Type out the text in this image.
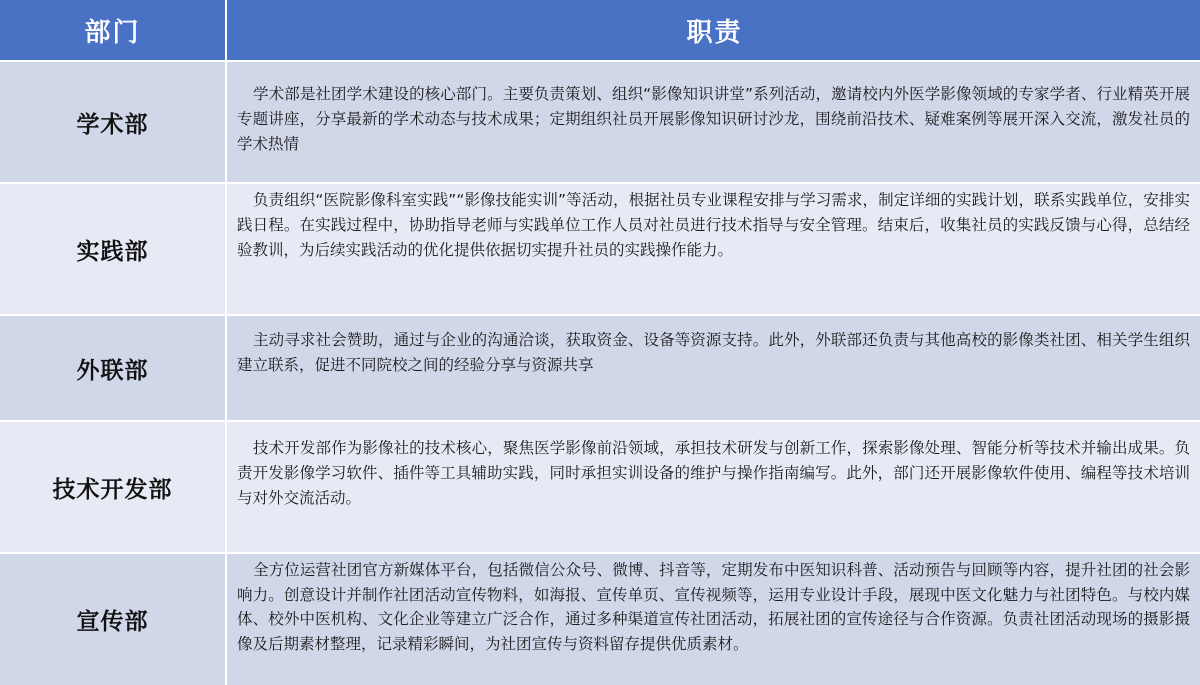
部门	职责
学术部
学术部是社团学术建设的核心部门。主要负责策划、组织“影像知识讲堂”系列活动，邀请校内外医学影像领域的专家学者、行业精英开展专题讲座，分享最新的学术动态与技术成果；定期组织社员开展影像知识研讨沙龙，围绕前沿技术、疑难案例等展开深入交流，激发社员的学术热情
实践部
负责组织“医院影像科室实践”“影像技能实训”等活动，根据社员专业课程安排与学习需求，制定详细的实践计划，联系实践单位，安排实践日程。在实践过程中，协助指导老师与实践单位工作人员对社员进行技术指导与安全管理。结束后，收集社员的实践反馈与心得，总结经验教训，为后续实践活动的优化提供依据切实提升社员的实践操作能力。
外联部
主动寻求社会赞助，通过与企业的沟通洽谈，获取资金、设备等资源支持。此外，外联部还负责与其他高校的影像类社团、相关学生组织建立联系，促进不同院校之间的经验分享与资源共享
技术开发部
技术开发部作为影像社的技术核心，聚焦医学影像前沿领域，承担技术研发与创新工作，探索影像处理、智能分析等技术并输出成果。负责开发影像学习软件、插件等工具辅助实践，同时承担实训设备的维护与操作指南编写。此外，部门还开展影像软件使用、编程等技术培训与对外交流活动。
宣传部
全方位运营社团官方新媒体平台，包括微信公众号、微博、抖音等，定期发布中医知识科普、活动预告与回顾等内容，提升社团的社会影响力。创意设计并制作社团活动宣传物料，如海报、宣传单页、宣传视频等，运用专业设计手段，展现中医文化魅力与社团特色。与校内媒体、校外中医机构、文化企业等建立广泛合作，通过多种渠道宣传社团活动，拓展社团的宣传途径与合作资源。负责社团活动现场的摄影摄像及后期素材整理，记录精彩瞬间，为社团宣传与资料留存提供优质素材。
